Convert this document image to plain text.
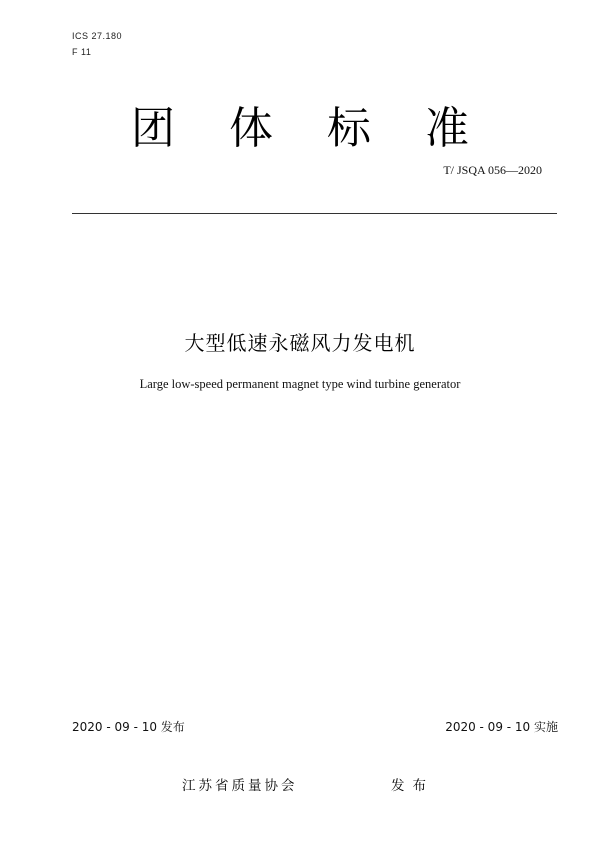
ICS 27.180
F 11
团体标准
T/ JSQA 056—2020
大型低速永磁风力发电机
Large low-speed permanent magnet type wind turbine generator
2020 - 09 - 10 发布	2020 - 09 - 10 实施
江苏省质量协会	发布
